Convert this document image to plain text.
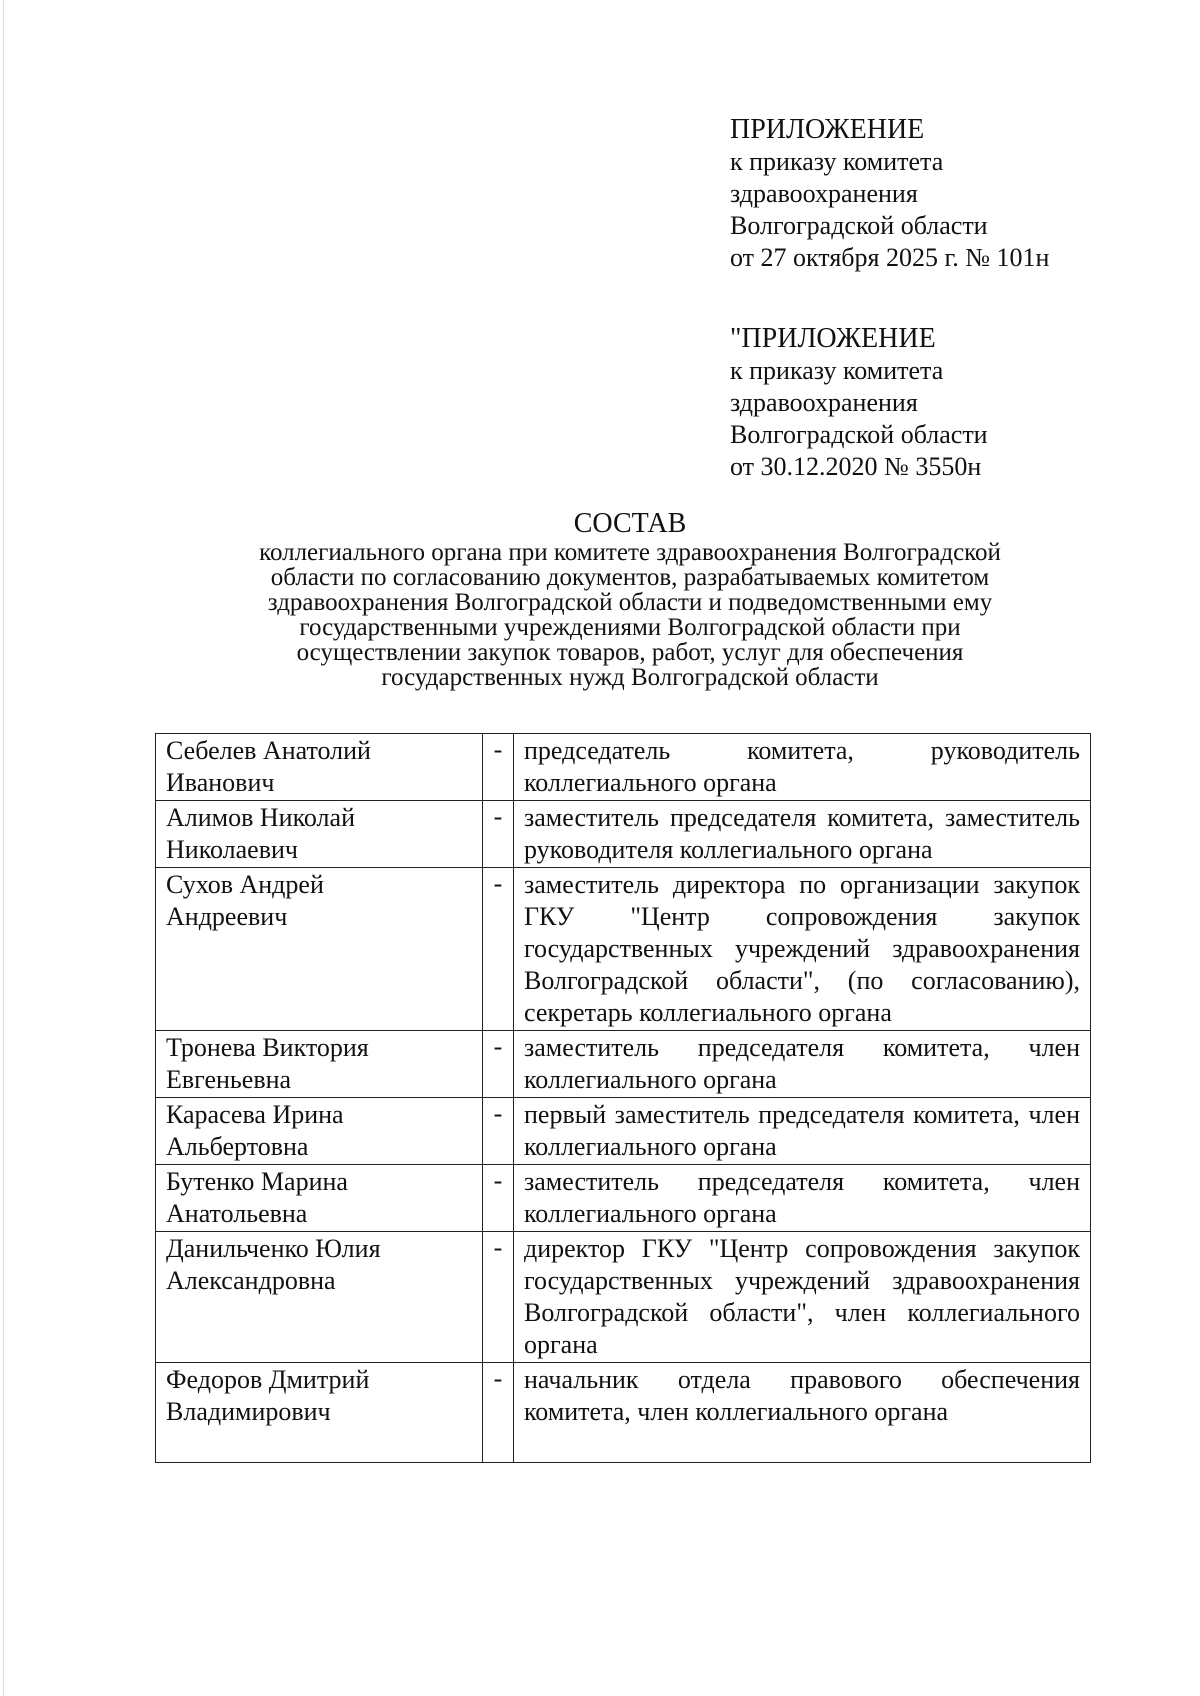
ПРИЛОЖЕНИЕ
к приказу комитета
здравоохранения
Волгоградской области
от 27 октября 2025 г. № 101н
"ПРИЛОЖЕНИЕ
к приказу комитета
здравоохранения
Волгоградской области
от 30.12.2020 № 3550н
СОСТАВ
коллегиального органа при комитете здравоохранения Волгоградской
области по согласованию документов, разрабатываемых комитетом
здравоохранения Волгоградской области и подведомственными ему
государственными учреждениями Волгоградской области при
осуществлении закупок товаров, работ, услуг для обеспечения
государственных нужд Волгоградской области
Себелев Анатолий
Иванович	-	председатель комитета, руководитель коллегиального органа

Алимов Николай
Николаевич	-	заместитель председателя комитета, заместитель руководителя коллегиального органа

Сухов Андрей
Андреевич	-	заместитель директора по организации закупок ГКУ "Центр сопровождения закупок государственных учреждений здравоохранения Волгоградской области", (по согласованию), секретарь коллегиального органа

Тронева Виктория
Евгеньевна	-	заместитель председателя комитета, член коллегиального органа

Карасева Ирина
Альбертовна	-	первый заместитель председателя комитета, член коллегиального органа

Бутенко Марина
Анатольевна	-	заместитель председателя комитета, член коллегиального органа

Данильченко Юлия
Александровна	-	директор ГКУ "Центр сопровождения закупок государственных учреждений здравоохранения Волгоградской области", член коллегиального органа

Федоров Дмитрий
Владимирович	-	начальник отдела правового обеспечения комитета, член коллегиального органа
